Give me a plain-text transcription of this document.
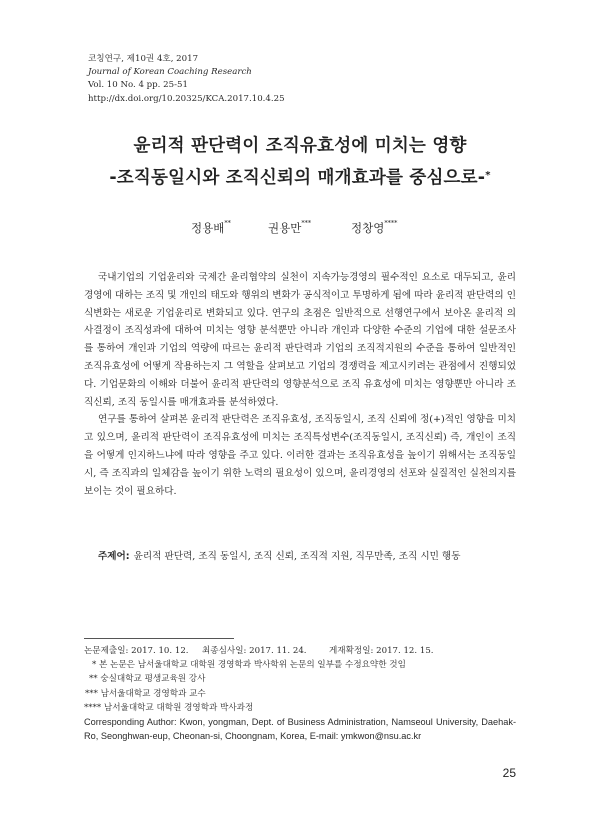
코칭연구, 제10권 4호, 2017
Journal of Korean Coaching Research
Vol. 10 No. 4 pp. 25-51
http://dx.doi.org/10.20325/KCA.2017.10.4.25
윤리적 판단력이 조직유효성에 미치는 영향
-조직동일시와 조직신뢰의 매개효과를 중심으로-*
정용배**	권용만***	정창영****

국내기업의 기업윤리와 국제간 윤리협약의 실천이 지속가능경영의 필수적인 요소로 대두되고, 윤리경영에 대하는 조직 및 개인의 태도와 행위의 변화가 공식적이고 투명하게 됨에 따라 윤리적 판단력의 인식변화는 새로운 기업윤리로 변화되고 있다. 연구의 초점은 일반적으로 선행연구에서 보아온 윤리적 의사결정이 조직성과에 대하여 미치는 영향 분석뿐만 아니라 개인과 다양한 수준의 기업에 대한 설문조사를 통하여 개인과 기업의 역량에 따르는 윤리적 판단력과 기업의 조직적지원의 수준을 통하여 일반적인 조직유효성에 어떻게 작용하는지 그 역할을 살펴보고 기업의 경쟁력을 제고시키려는 관점에서 진행되었다. 기업문화의 이해와 더불어 윤리적 판단력의 영향분석으로 조직 유효성에 미치는 영향뿐만 아니라 조직신뢰, 조직 동일시를 매개효과를 분석하였다.

연구를 통하여 살펴본 윤리적 판단력은 조직유효성, 조직동일시, 조직 신뢰에 정(+)적인 영향을 미치고 있으며, 윤리적 판단력이 조직유효성에 미치는 조직특성변수(조직동일시, 조직신뢰) 즉, 개인이 조직을 어떻게 인지하느냐에 따라 영향을 주고 있다. 이러한 결과는 조직유효성을 높이기 위해서는 조직동일시, 즉 조직과의 일체감을 높이기 위한 노력의 필요성이 있으며, 윤리경영의 선포와 실질적인 실천의지를 보이는 것이 필요하다.

주제어: 윤리적 판단력, 조직 동일시, 조직 신뢰, 조직적 지원, 직무만족, 조직 시민 행동
논문제출일: 2017. 10. 12. 최종심사일: 2017. 11. 24.	게재확정일: 2017. 12. 15.
* 본 논문은 남서울대학교 대학원 경영학과 박사학위 논문의 일부를 수정요약한 것임
** 숭실대학교 평생교육원 강사
*** 남서울대학교 경영학과 교수
**** 남서울대학교 대학원 경영학과 박사과정
Corresponding Author: Kwon, yongman, Dept. of Business Administration, Namseoul University, Daehak-Ro, Seonghwan-eup, Cheonan-si, Choongnam, Korea, E-mail: ymkwon@nsu.ac.kr
25
